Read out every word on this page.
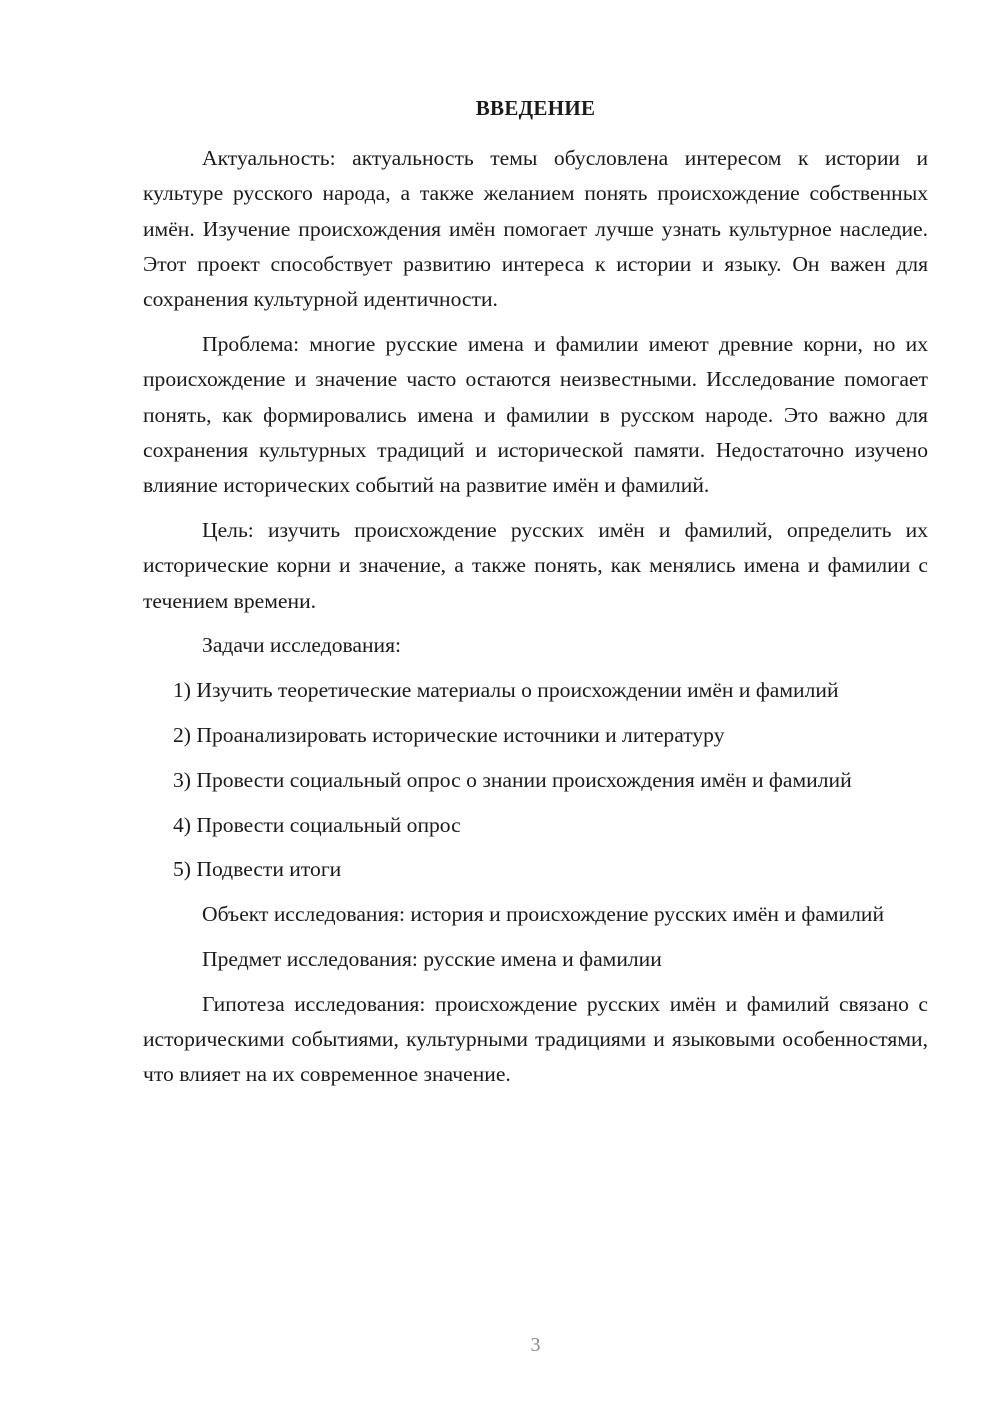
ВВЕДЕНИЕ

Актуальность: актуальность темы обусловлена интересом к истории и культуре русского народа, а также желанием понять происхождение собственных имён. Изучение происхождения имён помогает лучше узнать культурное наследие. Этот проект способствует развитию интереса к истории и языку. Он важен для сохранения культурной идентичности.

Проблема: многие русские имена и фамилии имеют древние корни, но их происхождение и значение часто остаются неизвестными. Исследование помогает понять, как формировались имена и фамилии в русском народе. Это важно для сохранения культурных традиций и исторической памяти. Недостаточно изучено влияние исторических событий на развитие имён и фамилий.

Цель: изучить происхождение русских имён и фамилий, определить их исторические корни и значение, а также понять, как менялись имена и фамилии с течением времени.

Задачи исследования:

1) Изучить теоретические материалы о происхождении имён и фамилий

2) Проанализировать исторические источники и литературу

3) Провести социальный опрос о знании происхождения имён и фамилий

4) Провести социальный опрос

5) Подвести итоги

Объект исследования: история и происхождение русских имён и фамилий

Предмет исследования: русские имена и фамилии

Гипотеза исследования: происхождение русских имён и фамилий связано с историческими событиями, культурными традициями и языковыми особенностями, что влияет на их современное значение.

3
